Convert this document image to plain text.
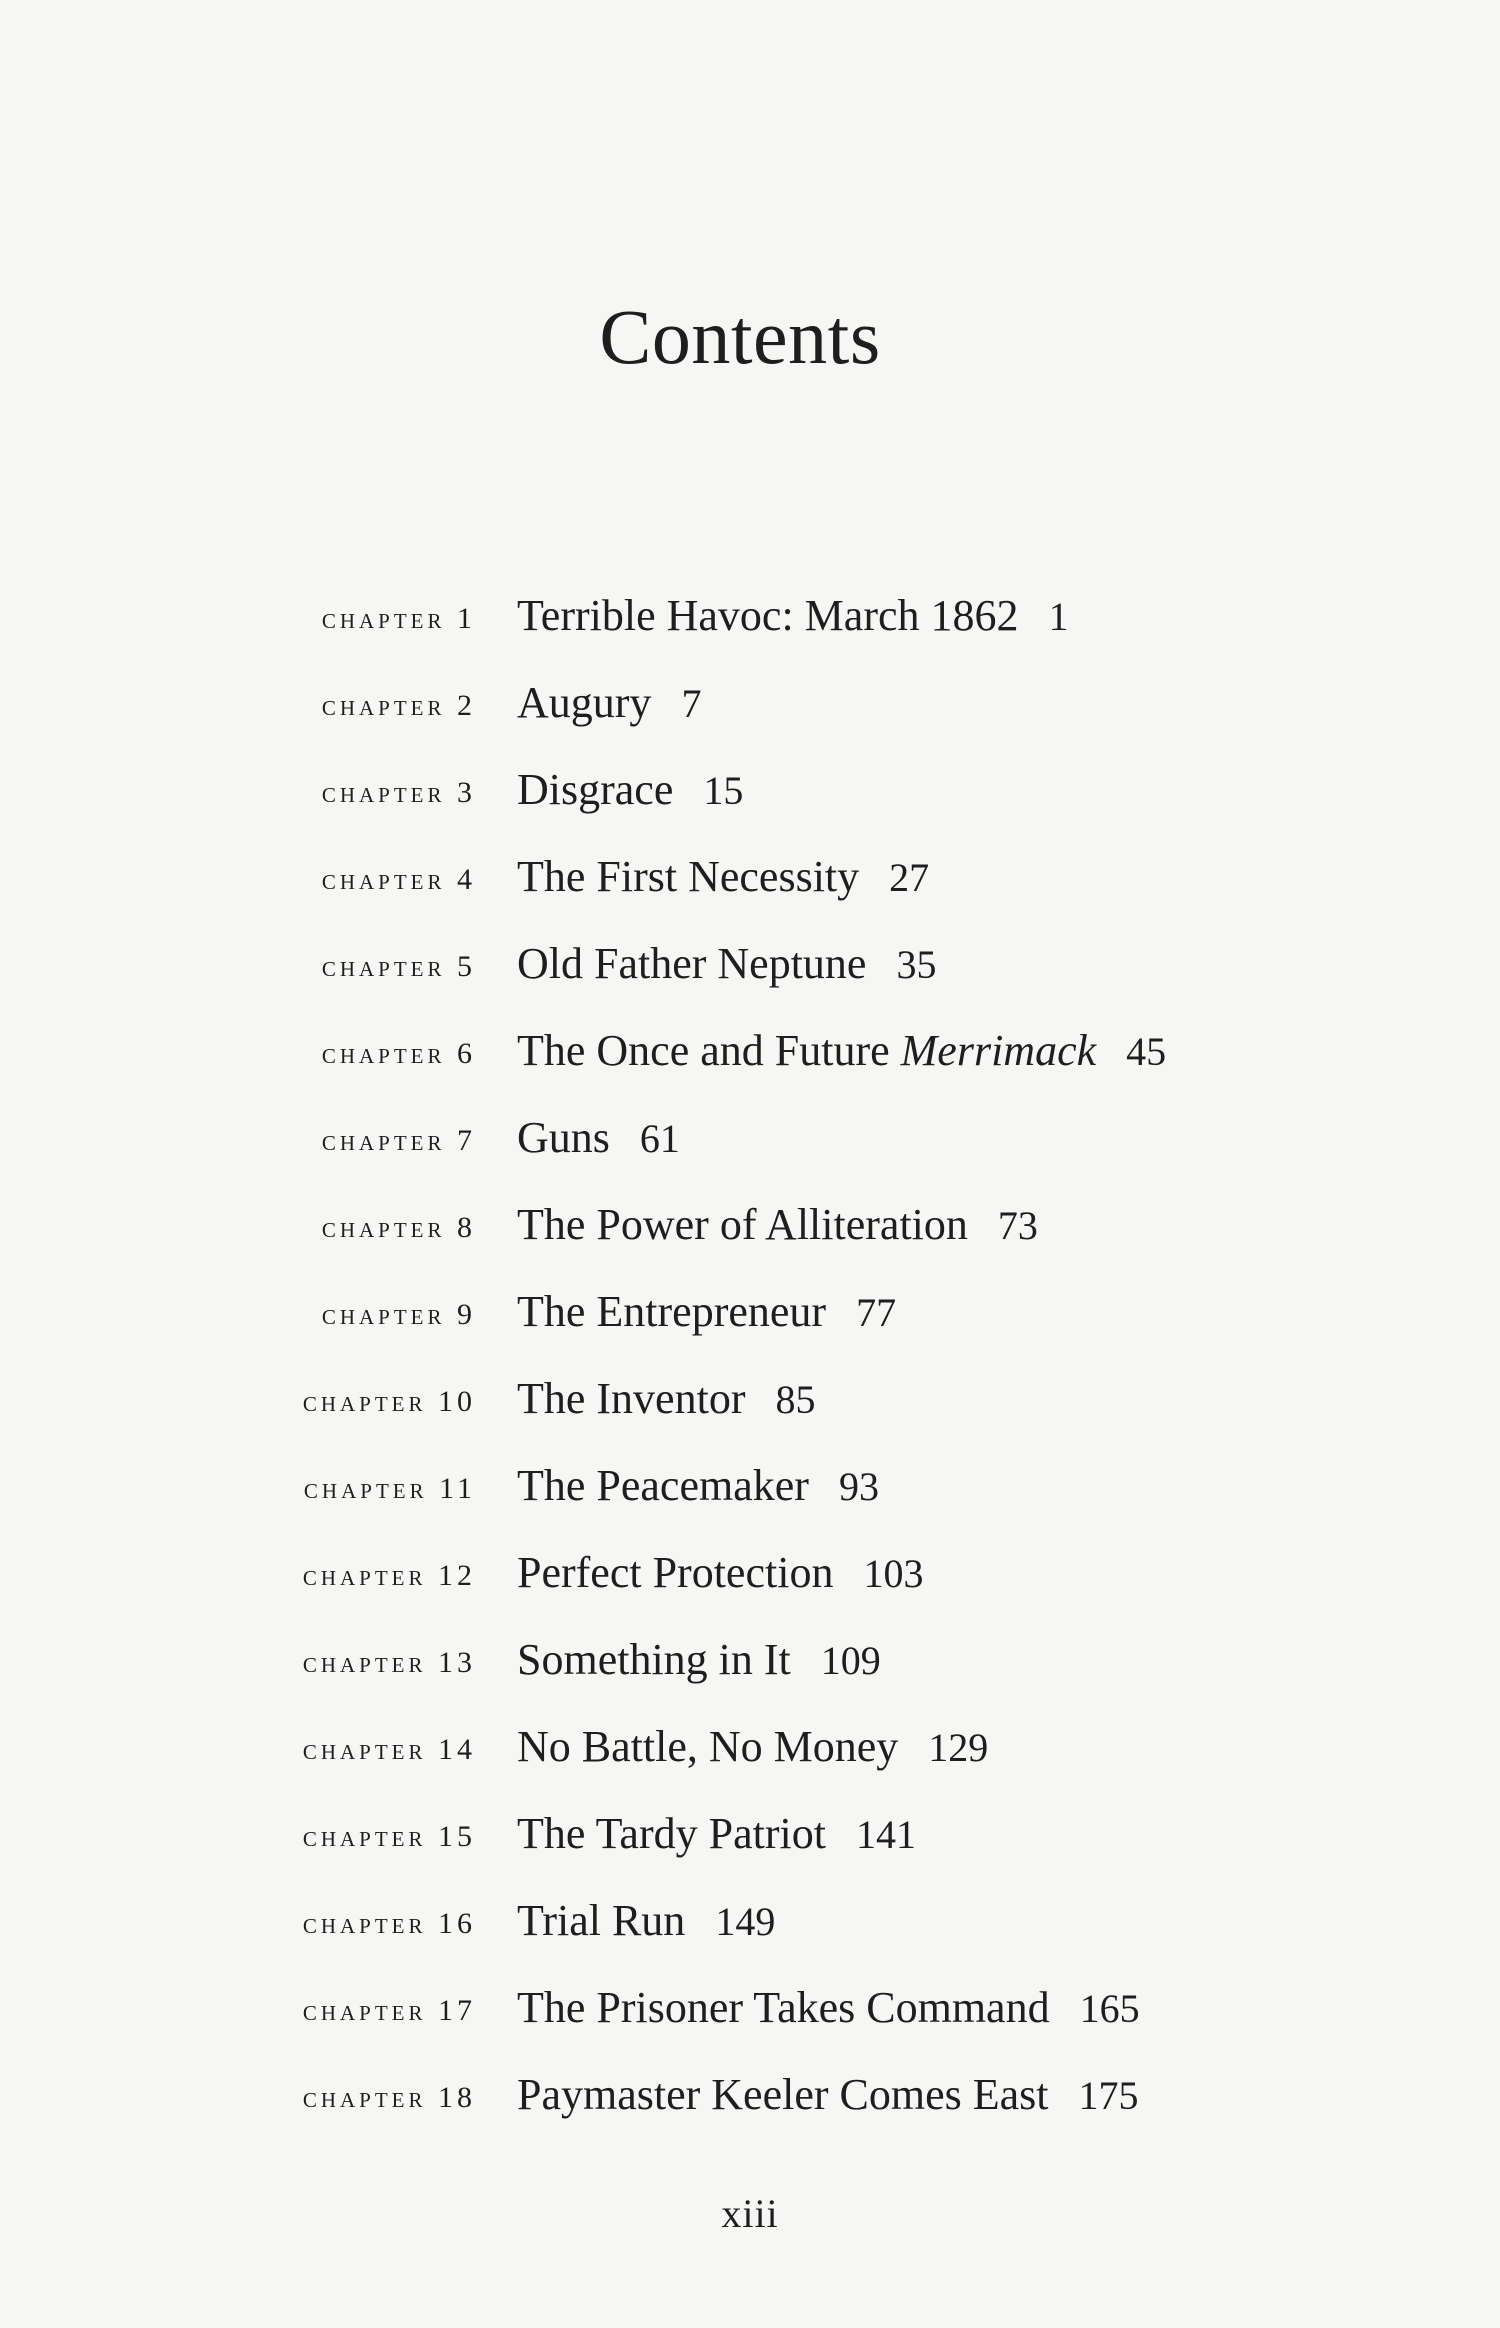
Contents
chapter 1 Terrible Havoc: March 1862 1
chapter 2 Augury 7
chapter 3 Disgrace 15
chapter 4 The First Necessity 27
chapter 5 Old Father Neptune 35
chapter 6 The Once and Future Merrimack 45
chapter 7 Guns 61
chapter 8 The Power of Alliteration 73
chapter 9 The Entrepreneur 77
chapter 10 The Inventor 85
chapter 11 The Peacemaker 93
chapter 12 Perfect Protection 103
chapter 13 Something in It 109
chapter 14 No Battle, No Money 129
chapter 15 The Tardy Patriot 141
chapter 16 Trial Run 149
chapter 17 The Prisoner Takes Command 165
chapter 18 Paymaster Keeler Comes East 175
xiii
